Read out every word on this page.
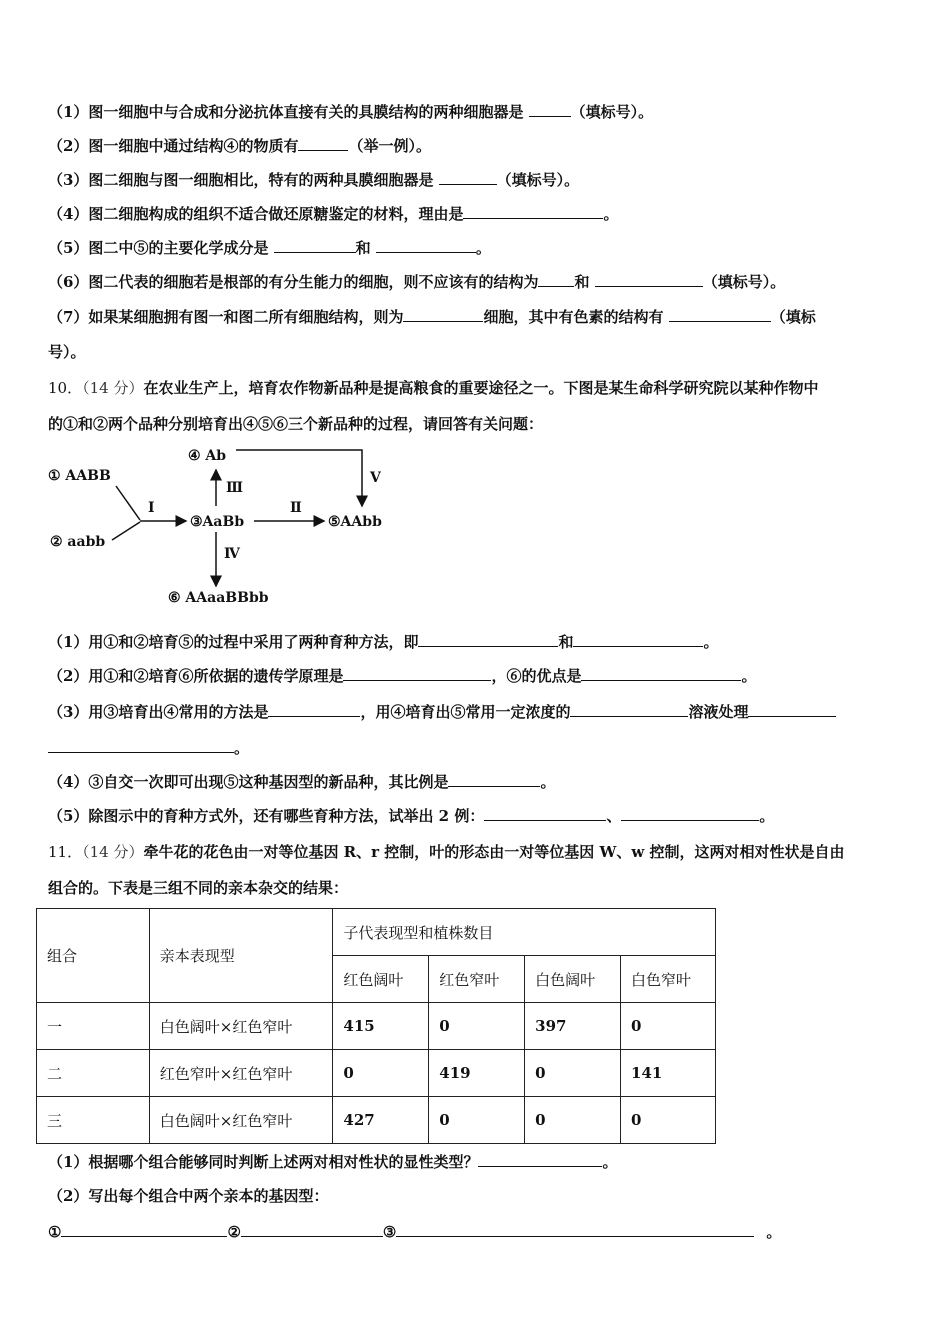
（1）图一细胞中与合成和分泌抗体直接有关的具膜结构的两种细胞器是	（填标号）。
（2）图一细胞中通过结构④的物质有	（举一例）。
（3）图二细胞与图一细胞相比，特有的两种具膜细胞器是	（填标号）。
（4）图二细胞构成的组织不适合做还原糖鉴定的材料，理由是	。
（5）图二中⑤的主要化学成分是	和	。
（6）图二代表的细胞若是根部的有分生能力的细胞，则不应该有的结构为 和	（填标号）。
（7）如果某细胞拥有图一和图二所有细胞结构，则为	细胞，其中有色素的结构有	（填标
号）。
10．（14 分）在农业生产上，培育农作物新品种是提高粮食的重要途径之一。下图是某生命科学研究院以某种作物中
的①和②两个品种分别培育出④⑤⑥三个新品种的过程，请回答有关问题：
① AABB
② aabb
③AaBb
④ Ab
⑤AAbb
⑥ AAaaBBbb
Ⅰ	Ⅱ
Ⅲ
Ⅴ
Ⅳ
（1）用①和②培育⑤的过程中采用了两种育种方法，即	和	。
（2）用①和②培育⑥所依据的遗传学原理是	，⑥的优点是	。
（3）用③培育出④常用的方法是	，用④培育出⑤常用一定浓度的	溶液处理
。
（4）③自交一次即可出现⑤这种基因型的新品种，其比例是	。
（5）除图示中的育种方式外，还有哪些育种方法，试举出 2 例：	、	。
11．（14 分）牵牛花的花色由一对等位基因 R、r 控制，叶的形态由一对等位基因 W、w 控制，这两对相对性状是自由
组合的。下表是三组不同的亲本杂交的结果：
组合	亲本表现型	子代表现型和植株数目			
		红色阔叶	红色窄叶	白色阔叶	白色窄叶
一	白色阔叶×红色窄叶	415	0	397	0
二	红色窄叶×红色窄叶	0	419	0	141
三	白色阔叶×红色窄叶	427	0	0	0
（1）根据哪个组合能够同时判断上述两对相对性状的显性类型？	。
（2）写出每个组合中两个亲本的基因型：
①	②	③	。
